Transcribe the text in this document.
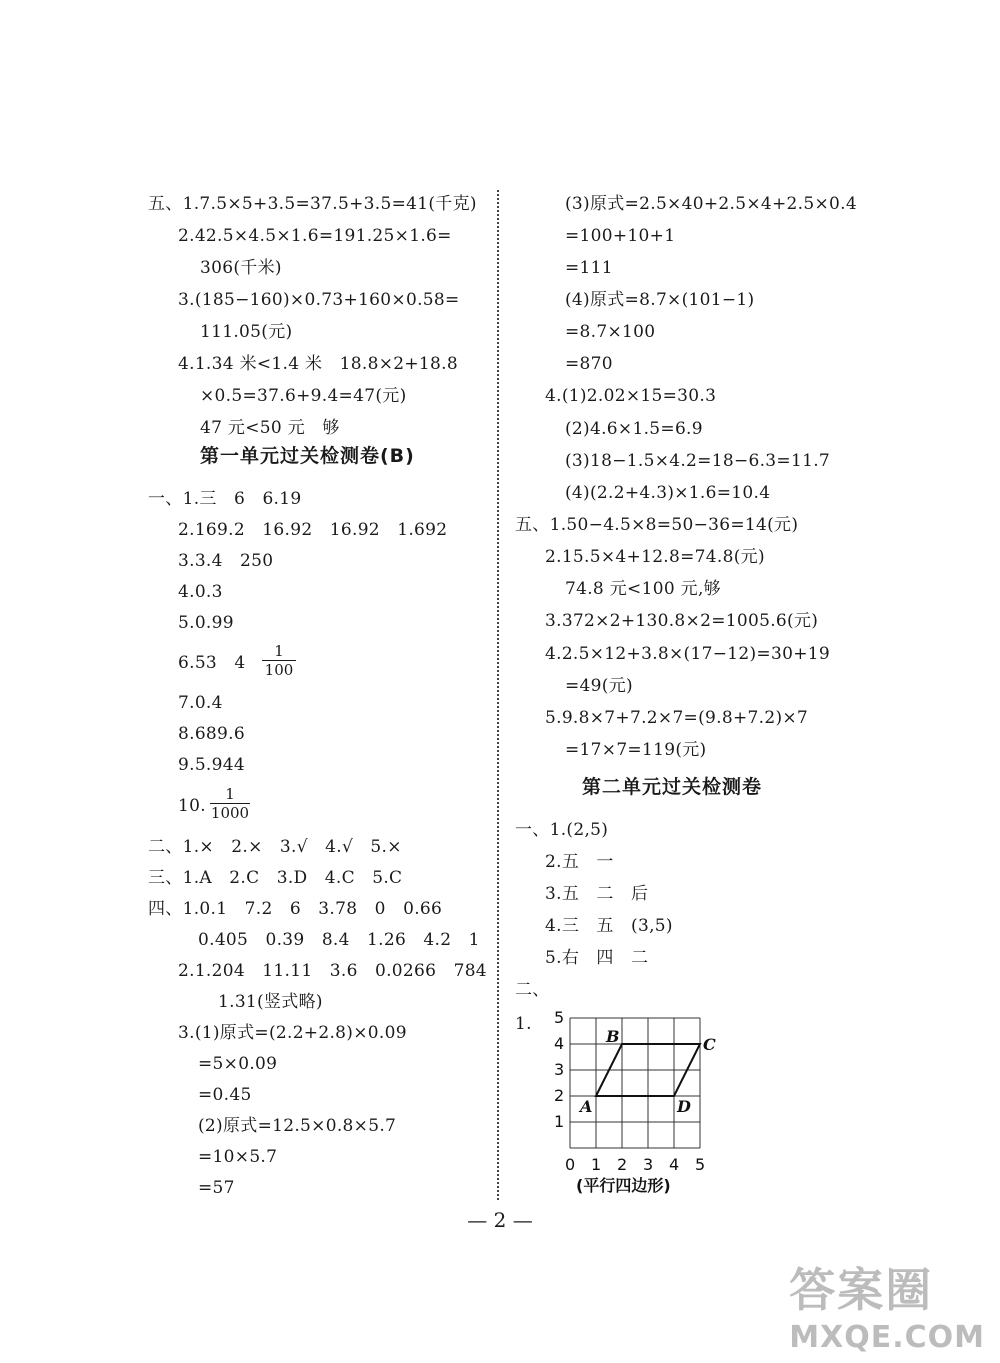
五、1.7.5×5+3.5=37.5+3.5=41(千克)
2.42.5×4.5×1.6=191.25×1.6=
306(千米)
3.(185−160)×0.73+160×0.58=
111.05(元)
4.1.34 米<1.4 米　18.8×2+18.8
×0.5=37.6+9.4=47(元)
47 元<50 元　够
第一单元过关检测卷(B)
一、1.三　6　6.19
2.169.2　16.92　16.92　1.692
3.3.4　250
4.0.3
5.0.99
6.53　4
1
100
7.0.4
8.689.6
9.5.944
10.
1
1000
二、1.×　2.×　3.√　4.√　5.×
三、1.A　2.C　3.D　4.C　5.C
四、1.0.1　7.2　6　3.78　0　0.66
0.405　0.39　8.4　1.26　4.2　1
2.1.204　11.11　3.6　0.0266　784
1.31(竖式略)
3.(1)原式=(2.2+2.8)×0.09
=5×0.09
=0.45
(2)原式=12.5×0.8×5.7
=10×5.7
=57
(3)原式=2.5×40+2.5×4+2.5×0.4
=100+10+1
=111
(4)原式=8.7×(101−1)
=8.7×100
=870
4.(1)2.02×15=30.3
(2)4.6×1.5=6.9
(3)18−1.5×4.2=18−6.3=11.7
(4)(2.2+4.3)×1.6=10.4
五、1.50−4.5×8=50−36=14(元)
2.15.5×4+12.8=74.8(元)
74.8 元<100 元,够
3.372×2+130.8×2=1005.6(元)
4.2.5×12+3.8×(17−12)=30+19
=49(元)
5.9.8×7+7.2×7=(9.8+7.2)×7
=17×7=119(元)
第二单元过关检测卷
一、1.(2,5)
2.五　一
3.五　二　后
4.三　五　(3,5)
5.右　四　二
二、
1.
1
2
3
4
5
0 1 2 3 4 5
A
B	C
D
(平行四边形)
— 2 —
答案圈
MXQE.COM
